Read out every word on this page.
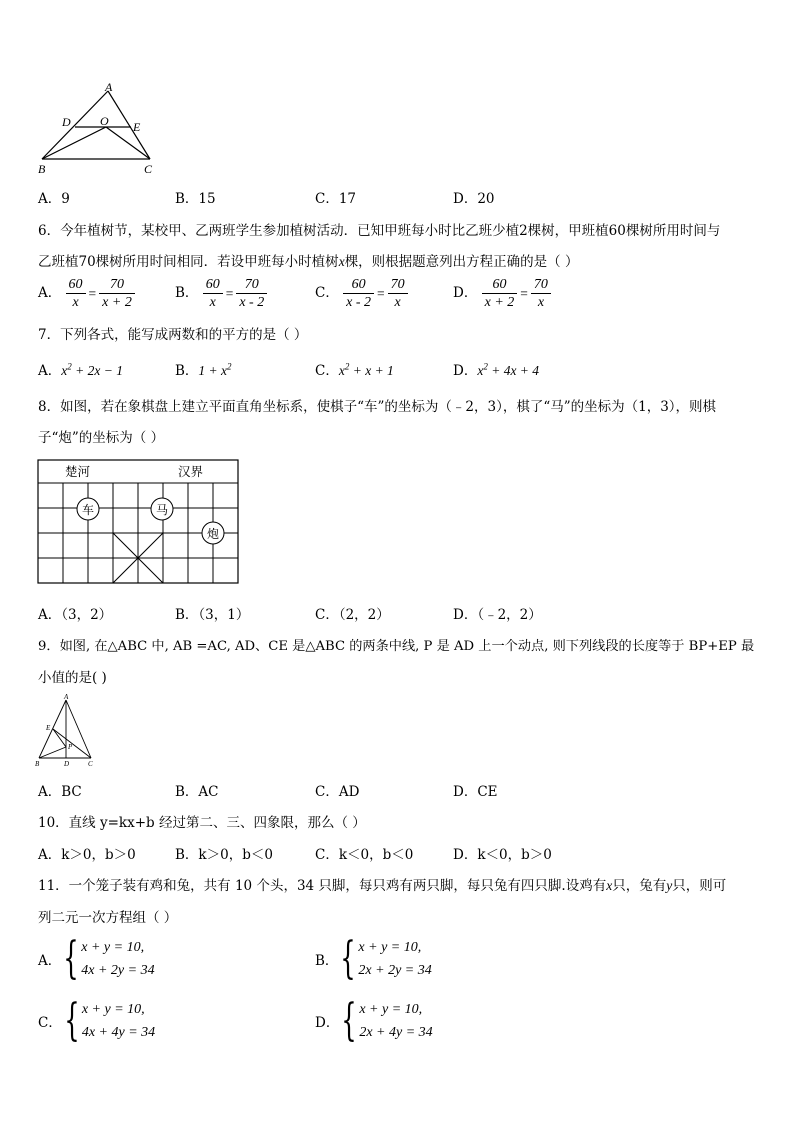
A
D O E
B	C
A．9	B．15	C．17	D．20
6．今年植树节，某校甲、乙两班学生参加植树活动．已知甲班每小时比乙班少植2棵树，甲班植60棵树所用时间与
乙班植70棵树所用时间相同．若设甲班每小时植树x棵，则根据题意列出方程正确的是（ ）
A． $\frac{60}{x} = \frac{70}{x + 2}$	B． $\frac{60}{x} = \frac{70}{x - 2}$	C． $\frac{60}{x - 2} = \frac{70}{x}$	D． $\frac{60}{x + 2} = \frac{70}{x}$
7．下列各式，能写成两数和的平方的是（ ）
A．$x^2 + 2x - 1$	B．$1 + x^2$	C．$x^2 + x + 1$	D．$x^2 + 4x + 4$
8．如图，若在象棋盘上建立平面直角坐标系，使棋子“车”的坐标为（﹣2，3），棋了“马”的坐标为（1，3），则棋
子“炮”的坐标为（ ）
楚河	汉界
车	马
炮
A．（3，2）	B．（3，1）	C．（2，2）	D．（﹣2，2）
9．如图, 在△ABC 中, AB =AC, AD、CE 是△ABC 的两条中线, P 是 AD 上一个动点, 则下列线段的长度等于 BP+EP 最
小值的是( )
A
E
P
B	D	C
A．BC	B．AC	C．AD	D．CE
10．直线 y=kx+b 经过第二、三、四象限，那么（ ）
A．k＞0，b＞0	B．k＞0，b＜0	C．k＜0，b＜0	D．k＜0，b＞0
11．一个笼子装有鸡和兔，共有 10 个头，34 只脚，每只鸡有两只脚，每只兔有四只脚.设鸡有x只，兔有y只，则可
列二元一次方程组（ ）
A． { x + y = 10,
4x + 2y = 34
B． { x + y = 10,
2x + 2y = 34
C． { x + y = 10,
4x + 4y = 34
D． { x + y = 10,
2x + 4y = 34
